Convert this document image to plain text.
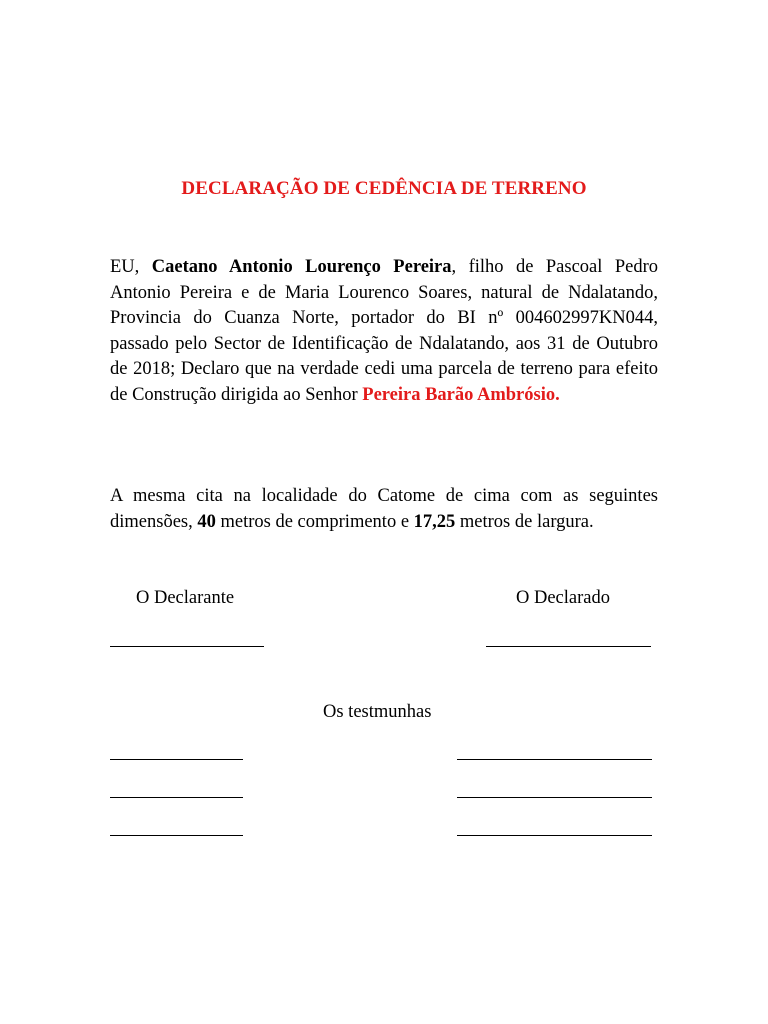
DECLARAÇÃO DE CEDÊNCIA DE TERRENO
EU, Caetano Antonio Lourenço Pereira, filho de Pascoal Pedro Antonio Pereira e de Maria Lourenco Soares, natural de Ndalatando, Provincia do Cuanza Norte, portador do BI nº 004602997KN044, passado pelo Sector de Identificação de Ndalatando, aos 31 de Outubro de 2018; Declaro que na verdade cedi uma parcela de terreno para efeito de Construção dirigida ao Senhor Pereira Barão Ambrósio.
A mesma cita na localidade do Catome de cima com as seguintes dimensões, 40 metros de comprimento e 17,25 metros de largura.
O Declarante	O Declarado
Os testmunhas
